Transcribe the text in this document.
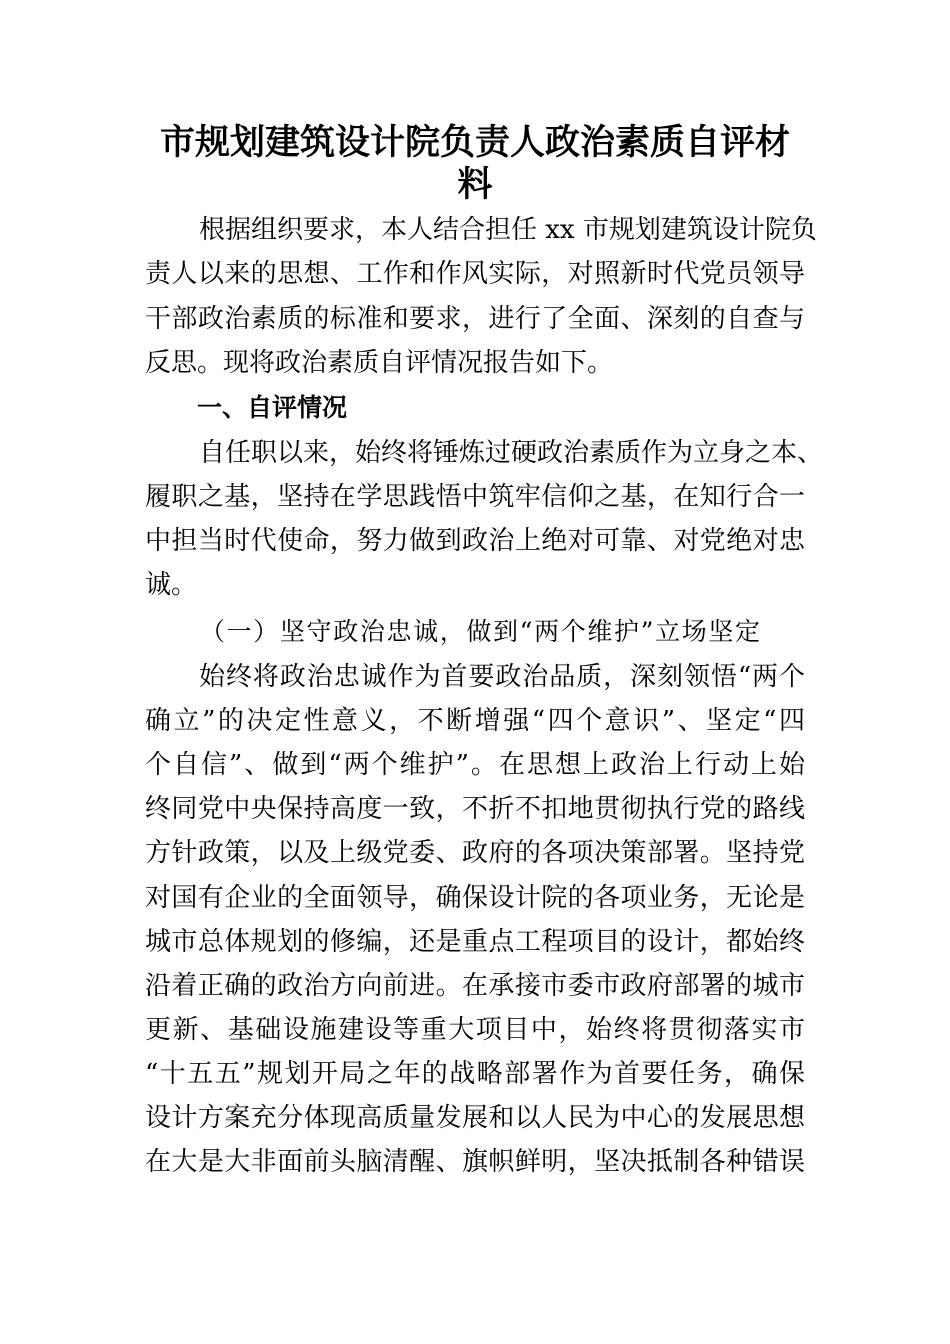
市规划建筑设计院负责人政治素质自评材
料
根据组织要求，本人结合担任 xx 市规划建筑设计院负
责人以来的思想、工作和作风实际，对照新时代党员领导
干部政治素质的标准和要求，进行了全面、深刻的自查与
反思。现将政治素质自评情况报告如下。
一、自评情况
自任职以来，始终将锤炼过硬政治素质作为立身之本、
履职之基，坚持在学思践悟中筑牢信仰之基，在知行合一
中担当时代使命，努力做到政治上绝对可靠、对党绝对忠
诚。
（一）坚守政治忠诚，做到“两个维护”立场坚定
始终将政治忠诚作为首要政治品质，深刻领悟“两个
确立”的决定性意义，不断增强“四个意识”、坚定“四
个自信”、做到“两个维护”。在思想上政治上行动上始
终同党中央保持高度一致，不折不扣地贯彻执行党的路线
方针政策，以及上级党委、政府的各项决策部署。坚持党
对国有企业的全面领导，确保设计院的各项业务，无论是
城市总体规划的修编，还是重点工程项目的设计，都始终
沿着正确的政治方向前进。在承接市委市政府部署的城市
更新、基础设施建设等重大项目中，始终将贯彻落实市
“十五五”规划开局之年的战略部署作为首要任务，确保
设计方案充分体现高质量发展和以人民为中心的发展思想
在大是大非面前头脑清醒、旗帜鲜明，坚决抵制各种错误
